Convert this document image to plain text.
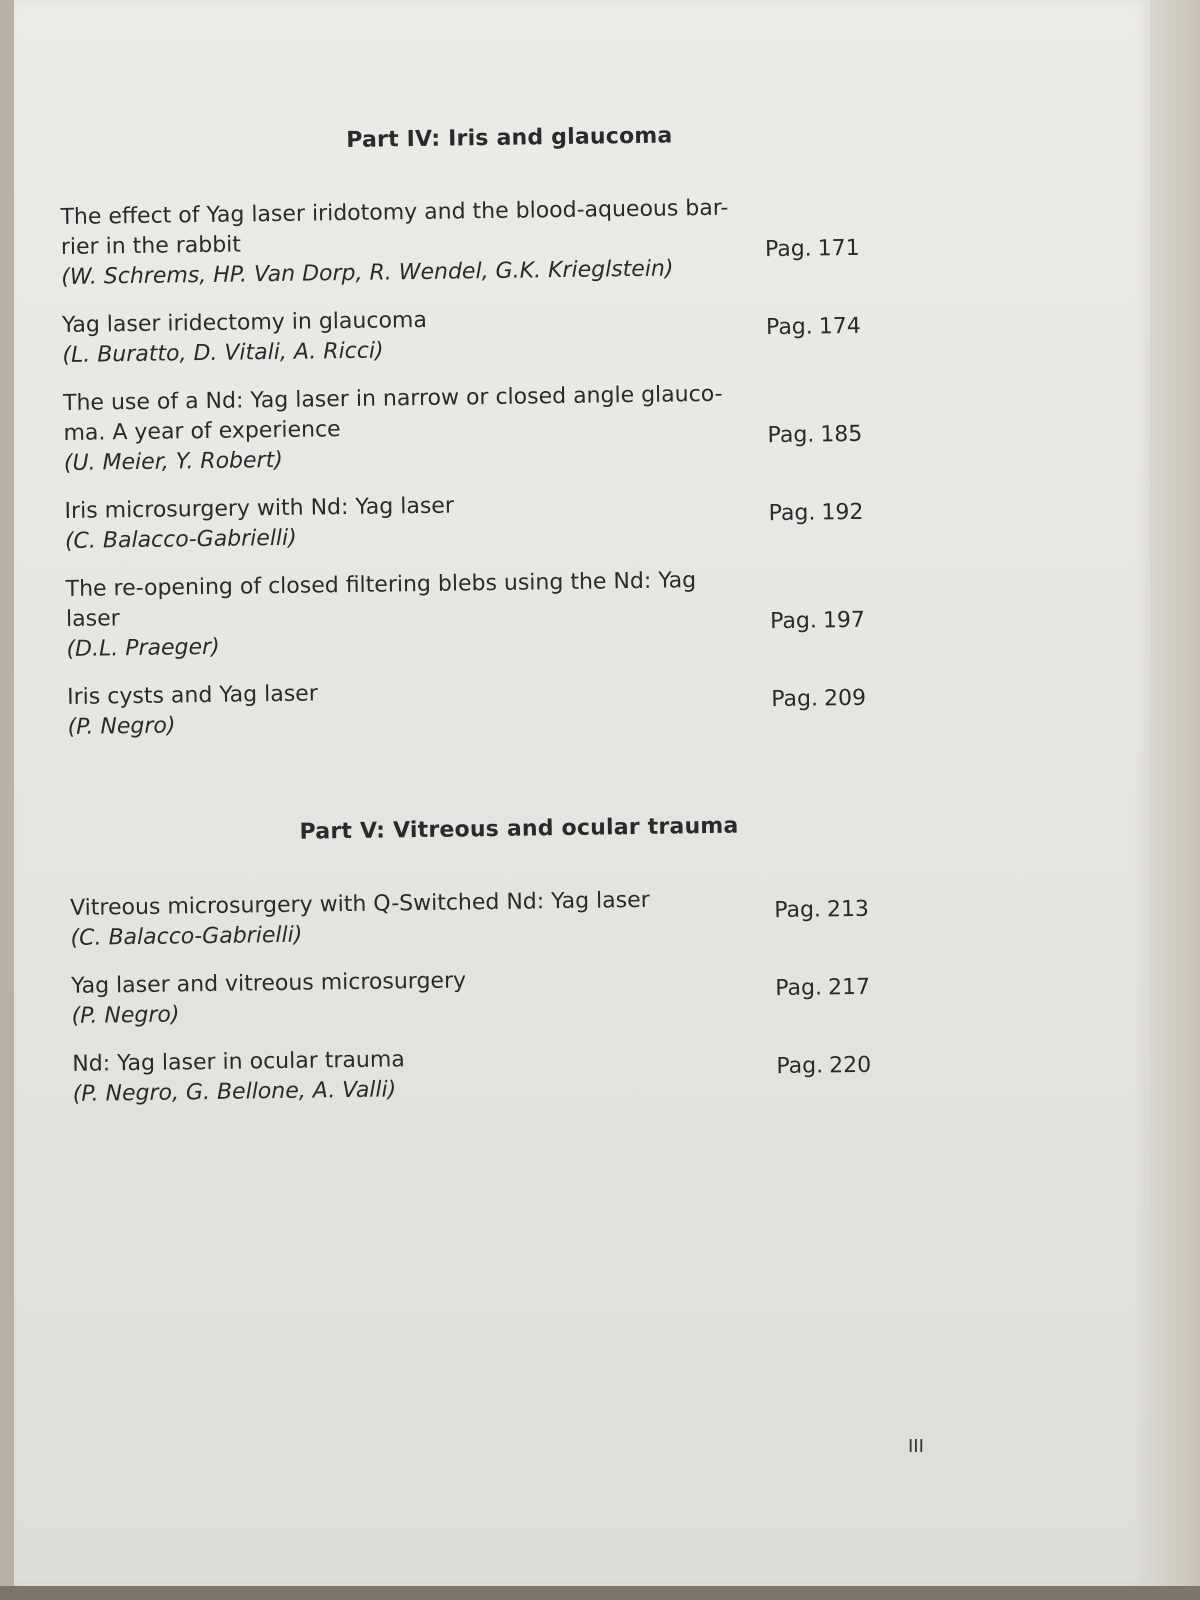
Part IV: Iris and glaucoma
The effect of Yag laser iridotomy and the blood-aqueous bar-rier in the rabbit
(W. Schrems, HP. Van Dorp, R. Wendel, G.K. Krieglstein)
Pag. 171
Yag laser iridectomy in glaucoma
(L. Buratto, D. Vitali, A. Ricci)
Pag. 174
The use of a Nd: Yag laser in narrow or closed angle glauco-ma. A year of experience
(U. Meier, Y. Robert)
Pag. 185
Iris microsurgery with Nd: Yag laser
(C. Balacco-Gabrielli)
Pag. 192
The re-opening of closed filtering blebs using the Nd: Yag laser
(D.L. Praeger)
Pag. 197
Iris cysts and Yag laser
(P. Negro)
Pag. 209
Part V: Vitreous and ocular trauma
Vitreous microsurgery with Q-Switched Nd: Yag laser
(C. Balacco-Gabrielli)
Pag. 213
Yag laser and vitreous microsurgery
(P. Negro)
Pag. 217
Nd: Yag laser in ocular trauma
(P. Negro, G. Bellone, A. Valli)
Pag. 220
III
